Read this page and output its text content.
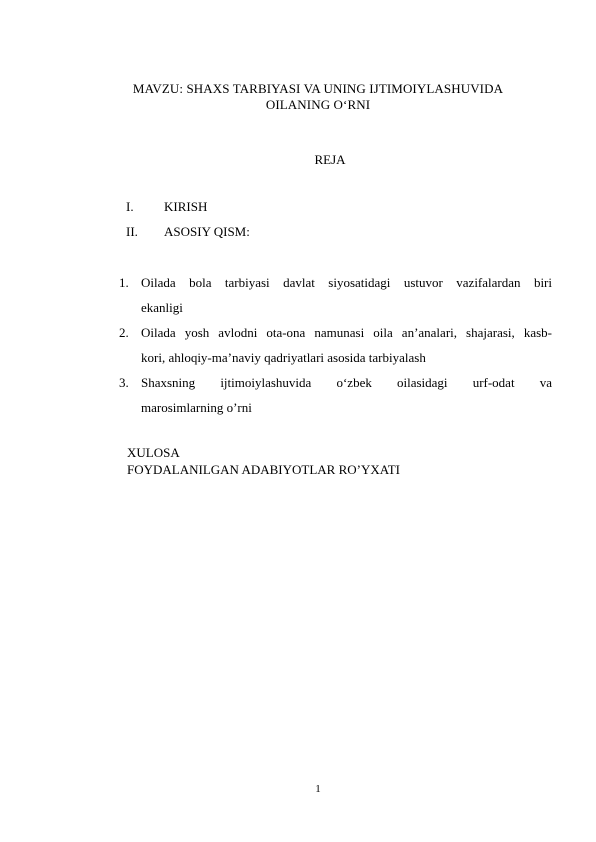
MAVZU: SHAXS TARBIYASI VA UNING IJTIMOIYLASHUVIDA
OILANING O‘RNI
REJA
I.	KIRISH
II.	ASOSIY QISM:
1. Oilada bola tarbiyasi davlat siyosatidagi ustuvor vazifalardan biri
ekanligi
2. Oilada yosh avlodni ota-ona namunasi oila an’analari, shajarasi, kasb-
kori, ahloqiy-ma’naviy qadriyatlari asosida tarbiyalash
3. Shaxsning ijtimoiylashuvida o‘zbek oilasidagi urf-odat va
marosimlarning o’rni
XULOSA
FOYDALANILGAN ADABIYOTLAR RO’YXATI
1
